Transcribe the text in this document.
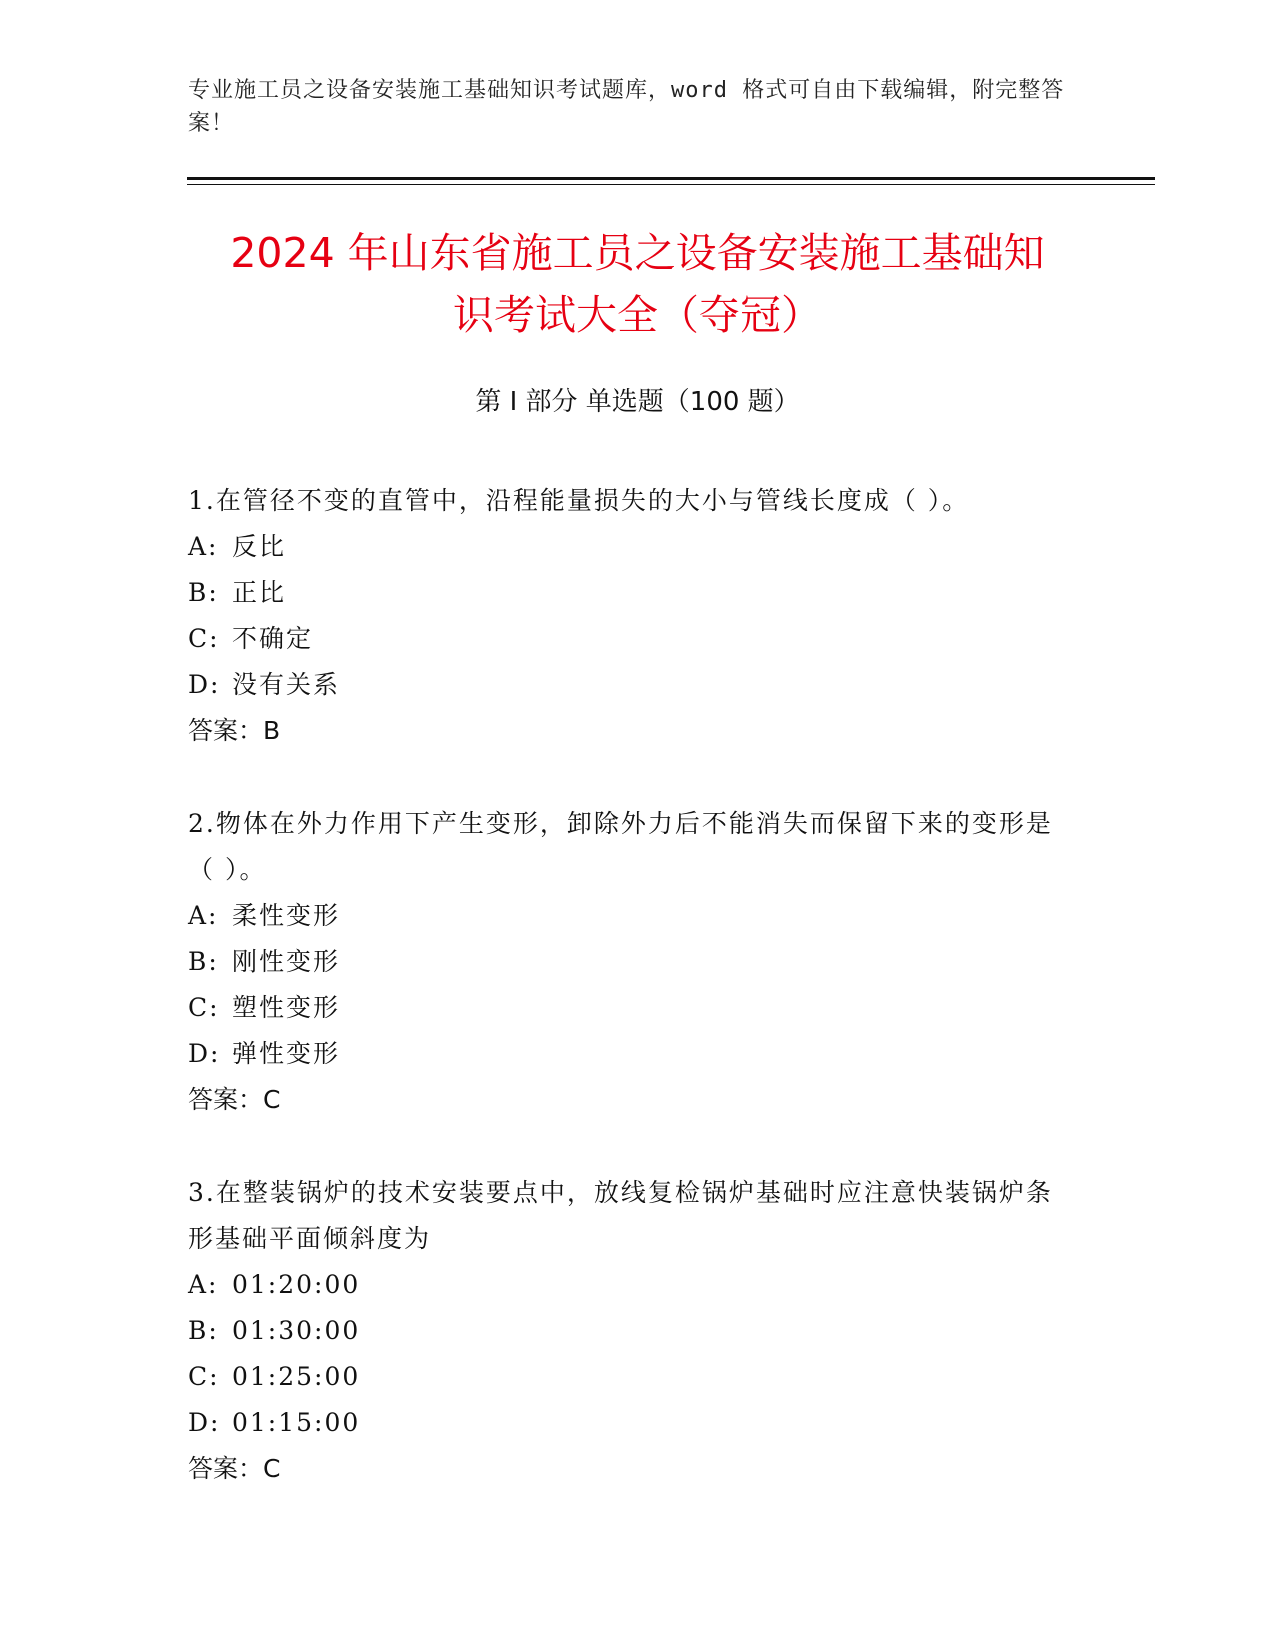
专业施工员之设备安装施工基础知识考试题库，word 格式可自由下载编辑，附完整答案！
2024 年山东省施工员之设备安装施工基础知
识考试大全（夺冠）
第 I 部分 单选题（100 题）
1.在管径不变的直管中，沿程能量损失的大小与管线长度成（ ）。
A: 反比
B: 正比
C: 不确定
D: 没有关系
答案：B
2.物体在外力作用下产生变形，卸除外力后不能消失而保留下来的变形是（ ）。
A: 柔性变形
B: 刚性变形
C: 塑性变形
D: 弹性变形
答案：C
3.在整装锅炉的技术安装要点中，放线复检锅炉基础时应注意快装锅炉条形基础平面倾斜度为
A: 01:20:00
B: 01:30:00
C: 01:25:00
D: 01:15:00
答案：C
